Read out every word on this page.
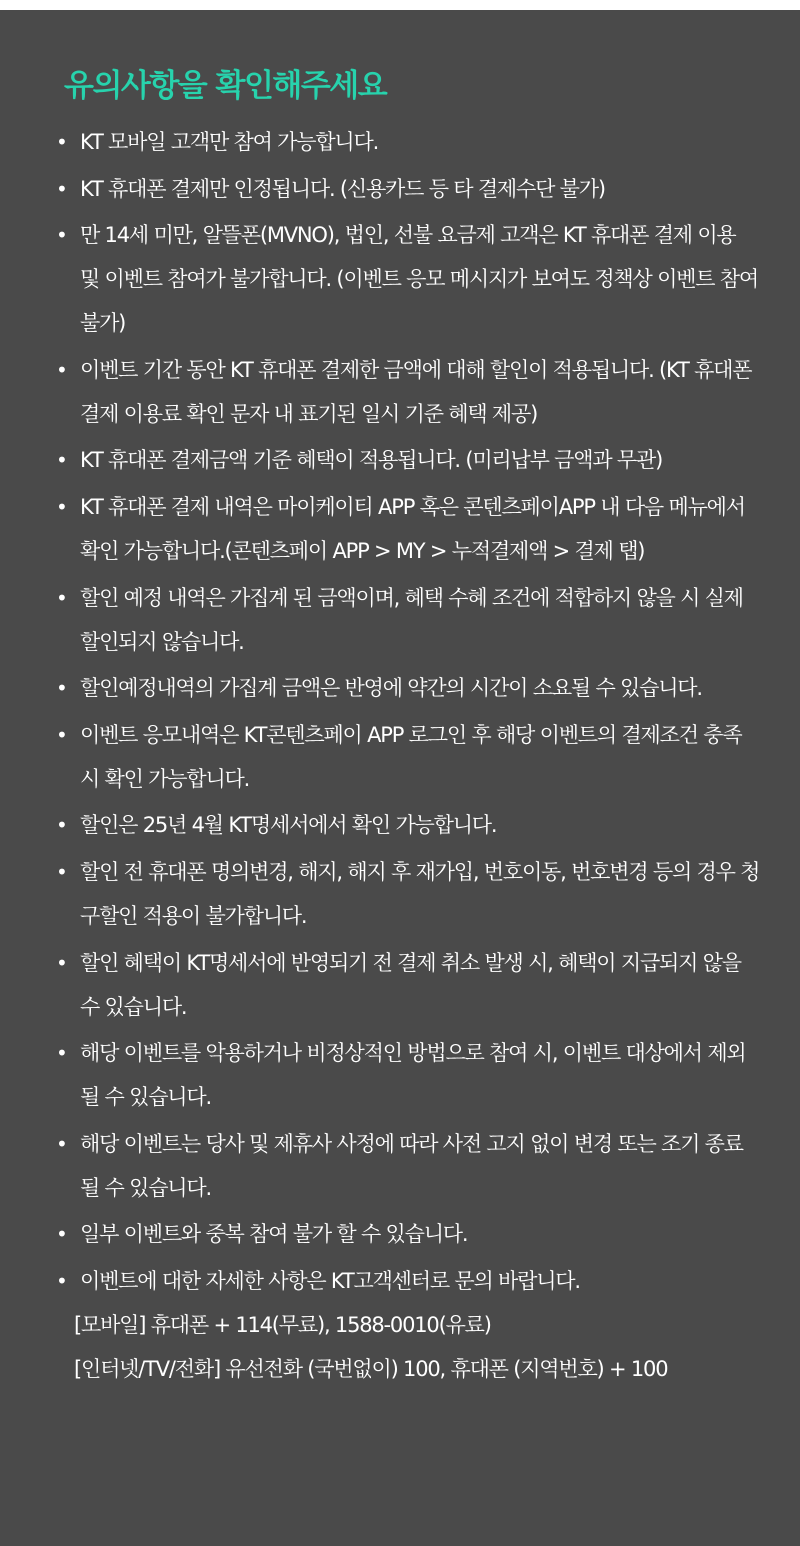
유의사항을 확인해주세요
• KT 모바일 고객만 참여 가능합니다.
• KT 휴대폰 결제만 인정됩니다. (신용카드 등 타 결제수단 불가)
• 만 14세 미만, 알뜰폰(MVNO), 법인, 선불 요금제 고객은 KT 휴대폰 결제 이용 및 이벤트 참여가 불가합니다. (이벤트 응모 메시지가 보여도 정책상 이벤트 참여 불가)
• 이벤트 기간 동안 KT 휴대폰 결제한 금액에 대해 할인이 적용됩니다. (KT 휴대폰 결제 이용료 확인 문자 내 표기된 일시 기준 혜택 제공)
• KT 휴대폰 결제금액 기준 혜택이 적용됩니다. (미리납부 금액과 무관)
• KT 휴대폰 결제 내역은 마이케이티 APP 혹은 콘텐츠페이APP 내 다음 메뉴에서 확인 가능합니다.(콘텐츠페이 APP > MY > 누적결제액 > 결제 탭)
• 할인 예정 내역은 가집계 된 금액이며, 혜택 수혜 조건에 적합하지 않을 시 실제 할인되지 않습니다.
• 할인예정내역의 가집계 금액은 반영에 약간의 시간이 소요될 수 있습니다.
• 이벤트 응모내역은 KT콘텐츠페이 APP 로그인 후 해당 이벤트의 결제조건 충족 시 확인 가능합니다.
• 할인은 25년 4월 KT명세서에서 확인 가능합니다.
• 할인 전 휴대폰 명의변경, 해지, 해지 후 재가입, 번호이동, 번호변경 등의 경우 청구할인 적용이 불가합니다.
• 할인 혜택이 KT명세서에 반영되기 전 결제 취소 발생 시, 혜택이 지급되지 않을 수 있습니다.
• 해당 이벤트를 악용하거나 비정상적인 방법으로 참여 시, 이벤트 대상에서 제외될 수 있습니다.
• 해당 이벤트는 당사 및 제휴사 사정에 따라 사전 고지 없이 변경 또는 조기 종료될 수 있습니다.
• 일부 이벤트와 중복 참여 불가 할 수 있습니다.
• 이벤트에 대한 자세한 사항은 KT고객센터로 문의 바랍니다.
[모바일] 휴대폰 + 114(무료), 1588-0010(유료)
[인터넷/TV/전화] 유선전화 (국번없이) 100, 휴대폰 (지역번호) + 100
